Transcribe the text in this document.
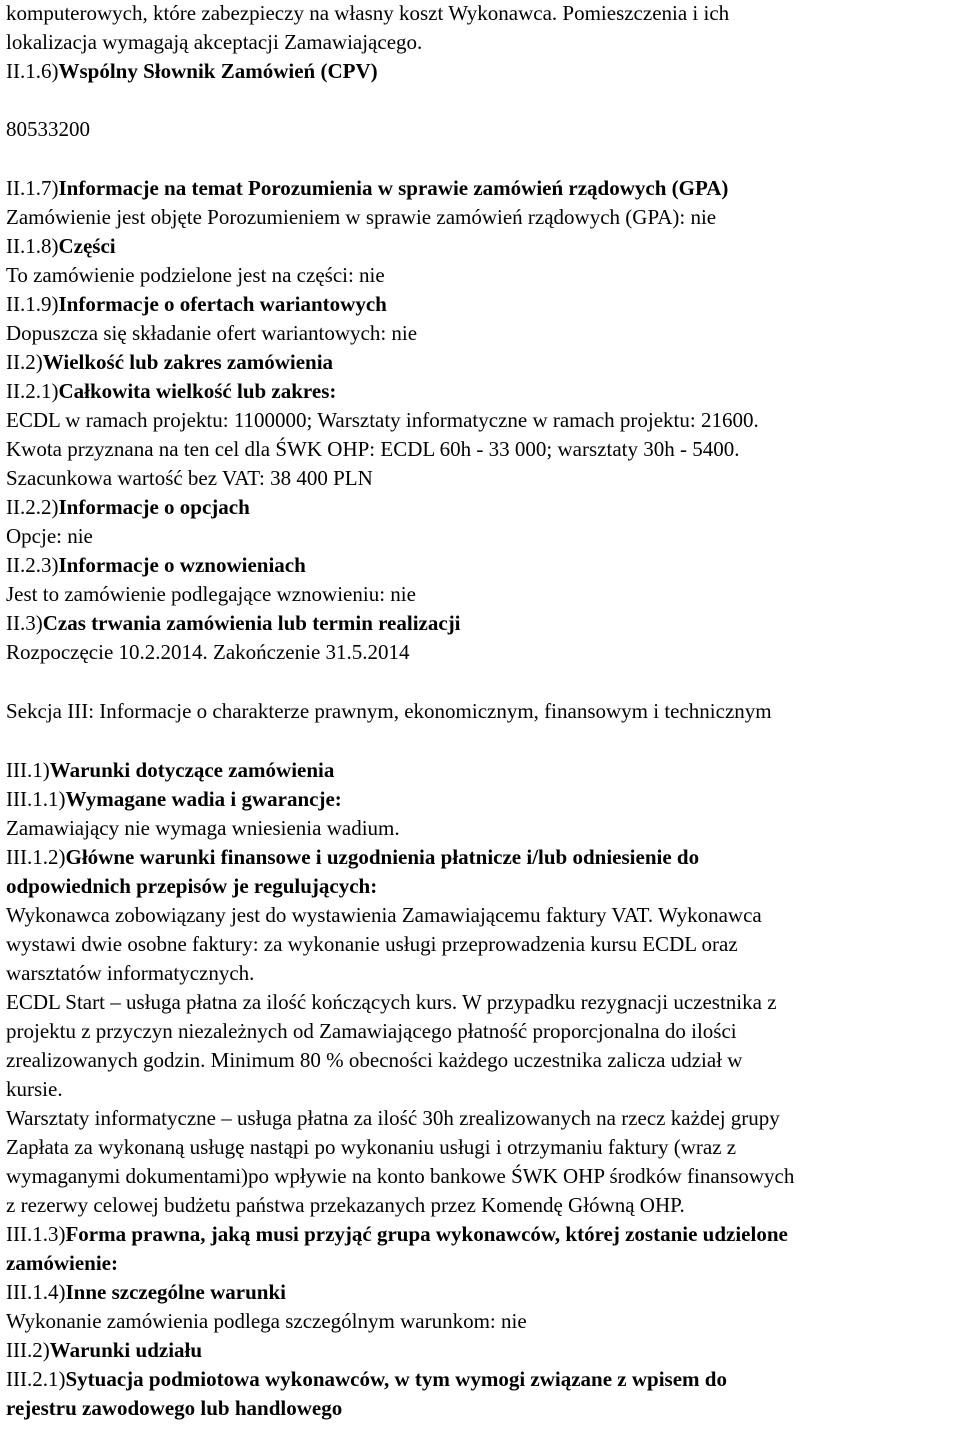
komputerowych, które zabezpieczy na własny koszt Wykonawca. Pomieszczenia i ich
lokalizacja wymagają akceptacji Zamawiającego.
II.1.6)Wspólny Słownik Zamówień (CPV)
80533200
II.1.7)Informacje na temat Porozumienia w sprawie zamówień rządowych (GPA)
Zamówienie jest objęte Porozumieniem w sprawie zamówień rządowych (GPA): nie
II.1.8)Części
To zamówienie podzielone jest na części: nie
II.1.9)Informacje o ofertach wariantowych
Dopuszcza się składanie ofert wariantowych: nie
II.2)Wielkość lub zakres zamówienia
II.2.1)Całkowita wielkość lub zakres:
ECDL w ramach projektu: 1100000; Warsztaty informatyczne w ramach projektu: 21600.
Kwota przyznana na ten cel dla ŚWK OHP: ECDL 60h - 33 000; warsztaty 30h - 5400.
Szacunkowa wartość bez VAT: 38 400 PLN
II.2.2)Informacje o opcjach
Opcje: nie
II.2.3)Informacje o wznowieniach
Jest to zamówienie podlegające wznowieniu: nie
II.3)Czas trwania zamówienia lub termin realizacji
Rozpoczęcie 10.2.2014. Zakończenie 31.5.2014
Sekcja III: Informacje o charakterze prawnym, ekonomicznym, finansowym i technicznym
III.1)Warunki dotyczące zamówienia
III.1.1)Wymagane wadia i gwarancje:
Zamawiający nie wymaga wniesienia wadium.
III.1.2)Główne warunki finansowe i uzgodnienia płatnicze i/lub odniesienie do
odpowiednich przepisów je regulujących:
Wykonawca zobowiązany jest do wystawienia Zamawiającemu faktury VAT. Wykonawca
wystawi dwie osobne faktury: za wykonanie usługi przeprowadzenia kursu ECDL oraz
warsztatów informatycznych.
ECDL Start – usługa płatna za ilość kończących kurs. W przypadku rezygnacji uczestnika z
projektu z przyczyn niezależnych od Zamawiającego płatność proporcjonalna do ilości
zrealizowanych godzin. Minimum 80 % obecności każdego uczestnika zalicza udział w
kursie.
Warsztaty informatyczne – usługa płatna za ilość 30h zrealizowanych na rzecz każdej grupy
Zapłata za wykonaną usługę nastąpi po wykonaniu usługi i otrzymaniu faktury (wraz z
wymaganymi dokumentami)po wpływie na konto bankowe ŚWK OHP środków finansowych
z rezerwy celowej budżetu państwa przekazanych przez Komendę Główną OHP.
III.1.3)Forma prawna, jaką musi przyjąć grupa wykonawców, której zostanie udzielone
zamówienie:
III.1.4)Inne szczególne warunki
Wykonanie zamówienia podlega szczególnym warunkom: nie
III.2)Warunki udziału
III.2.1)Sytuacja podmiotowa wykonawców, w tym wymogi związane z wpisem do
rejestru zawodowego lub handlowego
